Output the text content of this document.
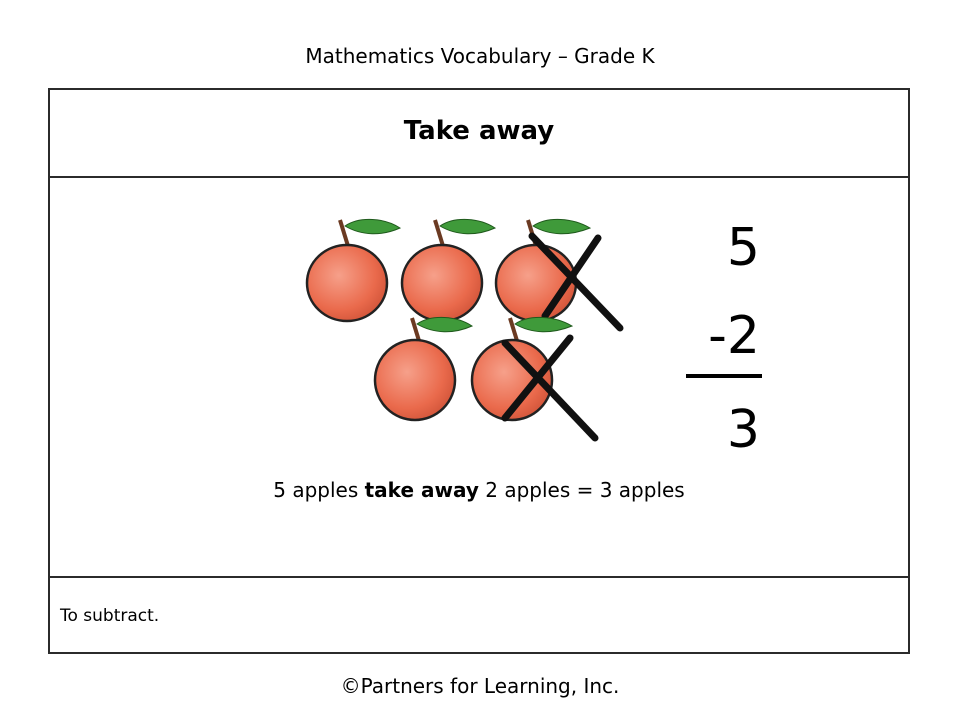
Mathematics Vocabulary – Grade K
Take away
5
-2
3
5 apples take away 2 apples = 3 apples
To subtract.
©Partners for Learning, Inc.
